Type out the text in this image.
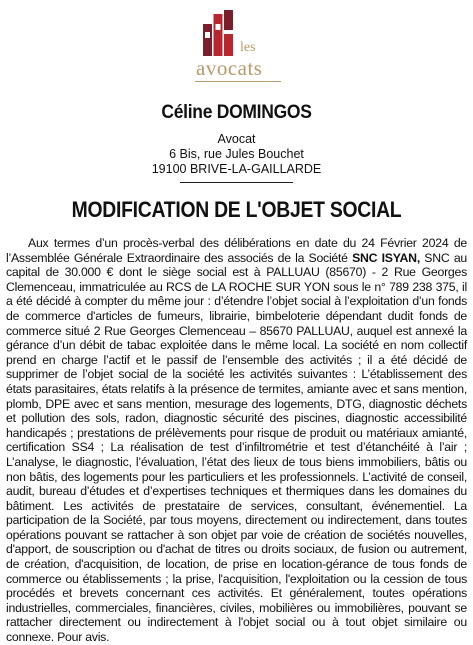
les
avocats
Céline DOMINGOS
Avocat
6 Bis, rue Jules Bouchet
19100 BRIVE-LA-GAILLARDE
MODIFICATION DE L'OBJET SOCIAL

Aux termes d’un procès-verbal des délibérations en date du 24 Février 2024 de l’Assemblée Générale Extraordinaire des associés de la Société SNC ISYAN, SNC au capital de 30.000 € dont le siège social est à PALLUAU (85670) - 2 Rue Georges Clemenceau, immatriculée au RCS de LA ROCHE SUR YON sous le n° 789 238 375, il a été décidé à compter du même jour : d’étendre l’objet social à l’exploitation d’un fonds de commerce d'articles de fumeurs, librairie, bimbeloterie dépendant dudit fonds de commerce situé 2 Rue Georges Clemenceau – 85670 PALLUAU, auquel est annexé la gérance d’un débit de tabac exploitée dans le même local. La société en nom collectif prend en charge l’actif et le passif de l’ensemble des activités ; il a été décidé de supprimer de l’objet social de la société les activités suivantes : L’établissement des états parasitaires, états relatifs à la présence de termites, amiante avec et sans mention, plomb, DPE avec et sans mention, mesurage des logements, DTG, diagnostic déchets et pollution des sols, radon, diagnostic sécurité des piscines, diagnostic accessibilité handicapés ; prestations de prélèvements pour risque de produit ou matériaux amianté, certification SS4 ; La réalisation de test d’infiltrométrie et test d’étanchéité à l’air ; L’analyse, le diagnostic, l’évaluation, l’état des lieux de tous biens immobiliers, bâtis ou non bâtis, des logements pour les particuliers et les professionnels. L’activité de conseil, audit, bureau d’études et d’expertises techniques et thermiques dans les domaines du bâtiment. Les activités de prestataire de services, consultant, événementiel. La participation de la Société, par tous moyens, directement ou indirectement, dans toutes opérations pouvant se rattacher à son objet par voie de création de sociétés nouvelles, d'apport, de souscription ou d'achat de titres ou droits sociaux, de fusion ou autrement, de création, d'acquisition, de location, de prise en location-gérance de tous fonds de commerce ou établissements ; la prise, l'acquisition, l'exploitation ou la cession de tous procédés et brevets concernant ces activités. Et généralement, toutes opérations industrielles, commerciales, financières, civiles, mobilières ou immobilières, pouvant se rattacher directement ou indirectement à l'objet social ou à tout objet similaire ou connexe. Pour avis.
